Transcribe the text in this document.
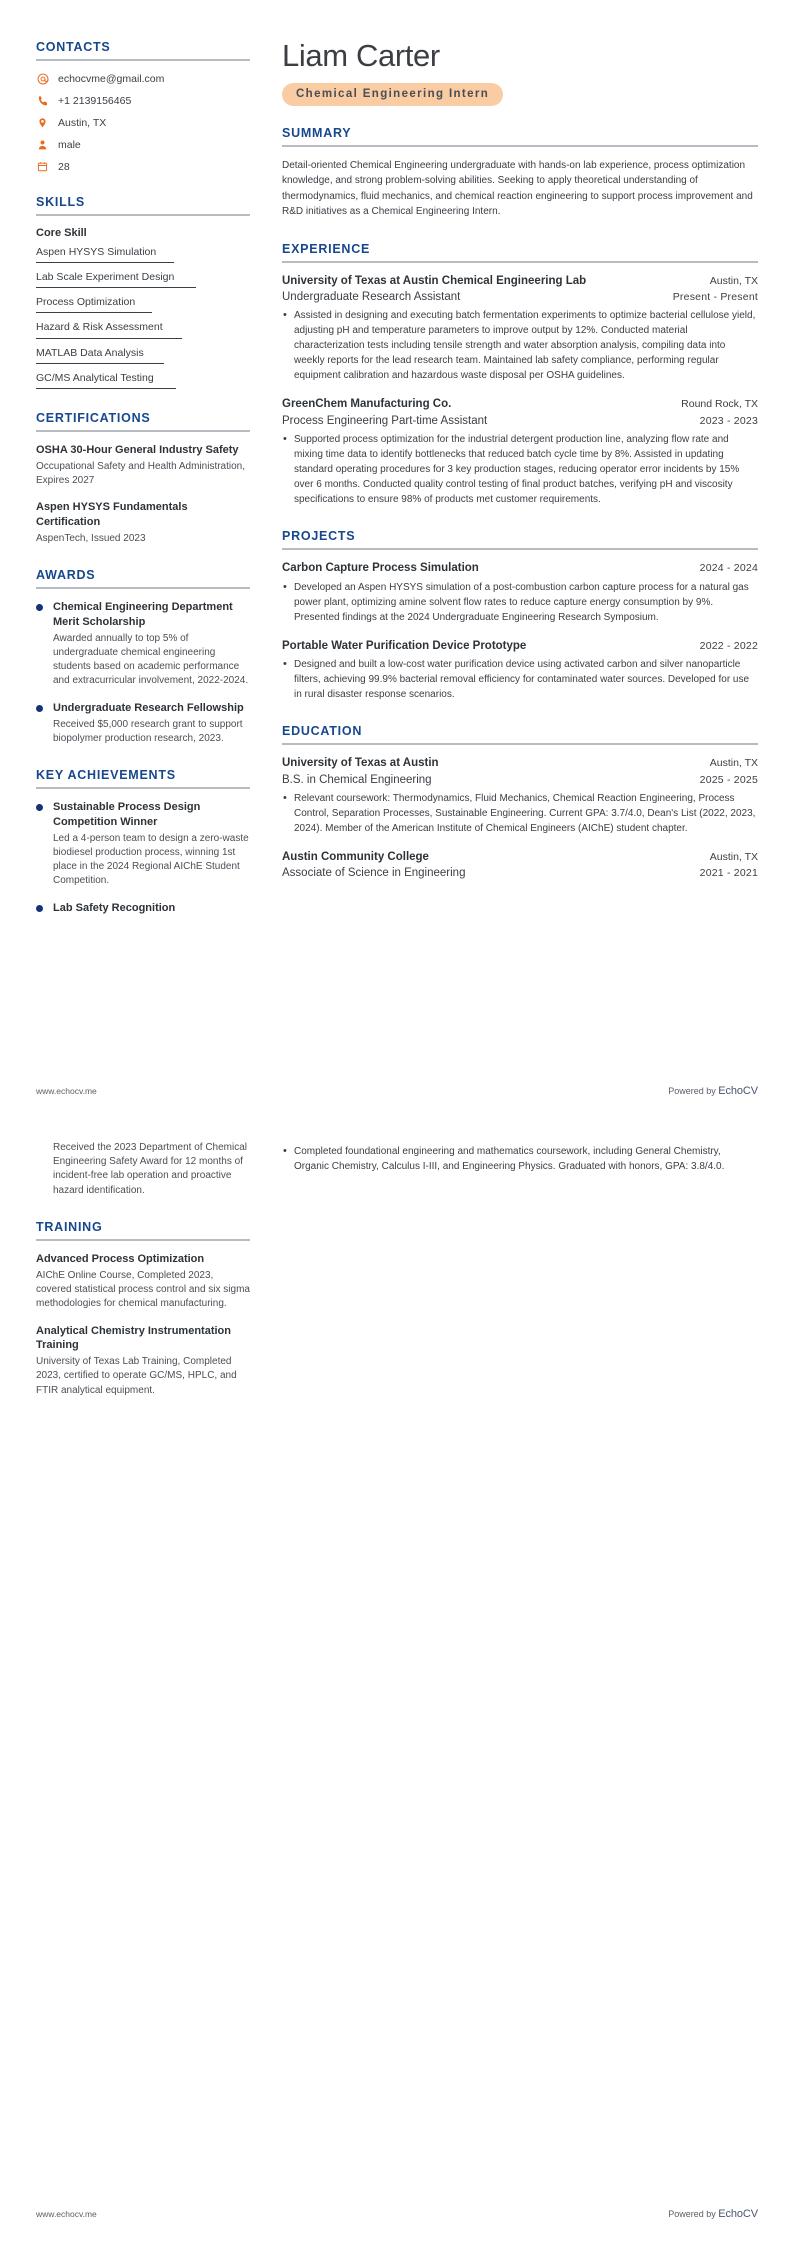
CONTACTS
echocvme@gmail.com
+1 2139156465
Austin, TX
male
28
SKILLS
Core Skill
Aspen HYSYS Simulation
Lab Scale Experiment Design
Process Optimization
Hazard & Risk Assessment
MATLAB Data Analysis
GC/MS Analytical Testing
CERTIFICATIONS
OSHA 30-Hour General Industry Safety
Occupational Safety and Health Administration, Expires 2027
Aspen HYSYS Fundamentals Certification
AspenTech, Issued 2023
AWARDS
Chemical Engineering Department Merit Scholarship
Awarded annually to top 5% of undergraduate chemical engineering students based on academic performance and extracurricular involvement, 2022-2024.
Undergraduate Research Fellowship
Received $5,000 research grant to support biopolymer production research, 2023.
KEY ACHIEVEMENTS
Sustainable Process Design Competition Winner
Led a 4-person team to design a zero-waste biodiesel production process, winning 1st place in the 2024 Regional AIChE Student Competition.
Lab Safety Recognition
Liam Carter
Chemical Engineering Intern
SUMMARY
Detail-oriented Chemical Engineering undergraduate with hands-on lab experience, process optimization knowledge, and strong problem-solving abilities. Seeking to apply theoretical understanding of thermodynamics, fluid mechanics, and chemical reaction engineering to support process improvement and R&D initiatives as a Chemical Engineering Intern.
EXPERIENCE
University of Texas at Austin Chemical Engineering Lab	Austin, TX
Undergraduate Research Assistant	Present - Present
• Assisted in designing and executing batch fermentation experiments to optimize bacterial cellulose yield, adjusting pH and temperature parameters to improve output by 12%. Conducted material characterization tests including tensile strength and water absorption analysis, compiling data into weekly reports for the lead research team. Maintained lab safety compliance, performing regular equipment calibration and hazardous waste disposal per OSHA guidelines.
GreenChem Manufacturing Co.	Round Rock, TX
Process Engineering Part-time Assistant	2023 - 2023
• Supported process optimization for the industrial detergent production line, analyzing flow rate and mixing time data to identify bottlenecks that reduced batch cycle time by 8%. Assisted in updating standard operating procedures for 3 key production stages, reducing operator error incidents by 15% over 6 months. Conducted quality control testing of final product batches, verifying pH and viscosity specifications to ensure 98% of products met customer requirements.
PROJECTS
Carbon Capture Process Simulation	2024 - 2024
• Developed an Aspen HYSYS simulation of a post-combustion carbon capture process for a natural gas power plant, optimizing amine solvent flow rates to reduce capture energy consumption by 9%. Presented findings at the 2024 Undergraduate Engineering Research Symposium.
Portable Water Purification Device Prototype	2022 - 2022
• Designed and built a low-cost water purification device using activated carbon and silver nanoparticle filters, achieving 99.9% bacterial removal efficiency for contaminated water sources. Developed for use in rural disaster response scenarios.
EDUCATION
University of Texas at Austin	Austin, TX
B.S. in Chemical Engineering	2025 - 2025
• Relevant coursework: Thermodynamics, Fluid Mechanics, Chemical Reaction Engineering, Process Control, Separation Processes, Sustainable Engineering. Current GPA: 3.7/4.0, Dean's List (2022, 2023, 2024). Member of the American Institute of Chemical Engineers (AIChE) student chapter.
Austin Community College	Austin, TX
Associate of Science in Engineering	2021 - 2021
www.echocv.me	Powered by EchoCV
Received the 2023 Department of Chemical Engineering Safety Award for 12 months of incident-free lab operation and proactive hazard identification.
TRAINING
Advanced Process Optimization
AIChE Online Course, Completed 2023, covered statistical process control and six sigma methodologies for chemical manufacturing.
Analytical Chemistry Instrumentation Training
University of Texas Lab Training, Completed 2023, certified to operate GC/MS, HPLC, and FTIR analytical equipment.
• Completed foundational engineering and mathematics coursework, including General Chemistry, Organic Chemistry, Calculus I-III, and Engineering Physics. Graduated with honors, GPA: 3.8/4.0.
www.echocv.me	Powered by EchoCV
